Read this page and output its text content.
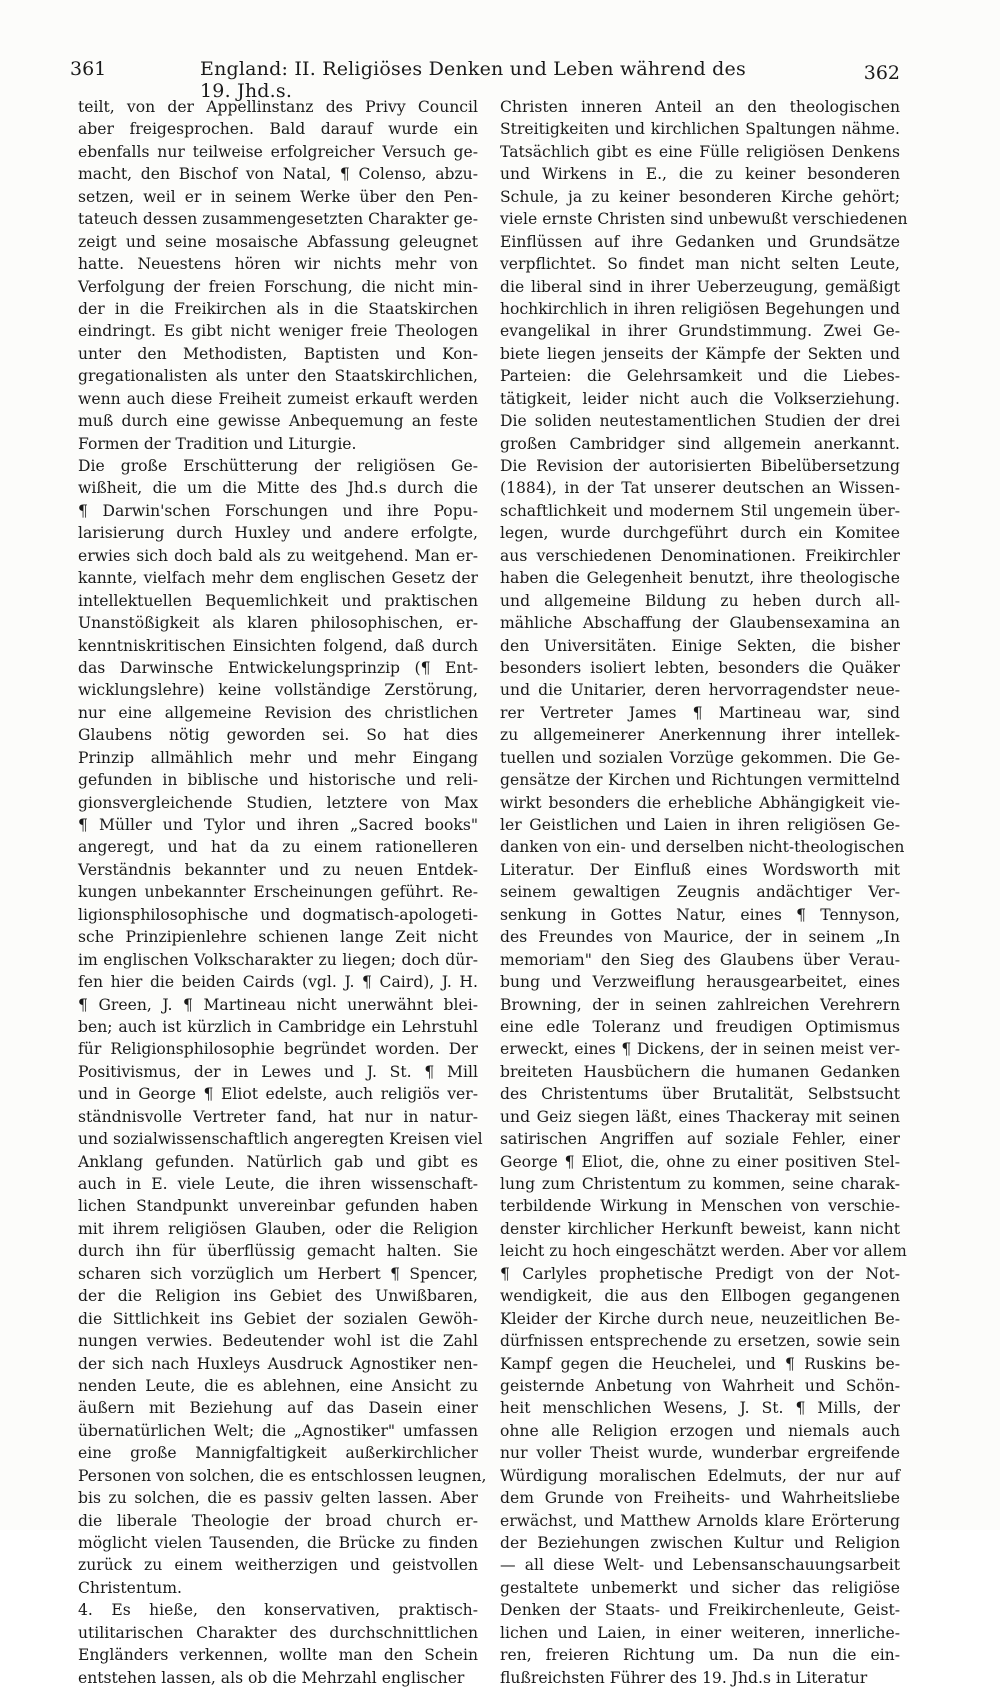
361	England: II. Religiöses Denken und Leben während des 19. Jhd.s.
362
teilt, von der Appellinstanz des Privy Council
aber freigesprochen. Bald darauf wurde ein
ebenfalls nur teilweise erfolgreicher Versuch ge-
macht, den Bischof von Natal, ¶ Colenso, abzu-
setzen, weil er in seinem Werke über den Pen-
tateuch dessen zusammengesetzten Charakter ge-
zeigt und seine mosaische Abfassung geleugnet
hatte. Neuestens hören wir nichts mehr von
Verfolgung der freien Forschung, die nicht min-
der in die Freikirchen als in die Staatskirchen
eindringt. Es gibt nicht weniger freie Theologen
unter den Methodisten, Baptisten und Kon-
gregationalisten als unter den Staatskirchlichen,
wenn auch diese Freiheit zumeist erkauft werden
muß durch eine gewisse Anbequemung an feste
Formen der Tradition und Liturgie.
Die große Erschütterung der religiösen Ge-
wißheit, die um die Mitte des Jhd.s durch die
¶ Darwin'schen Forschungen und ihre Popu-
larisierung durch Huxley und andere erfolgte,
erwies sich doch bald als zu weitgehend. Man er-
kannte, vielfach mehr dem englischen Gesetz der
intellektuellen Bequemlichkeit und praktischen
Unanstößigkeit als klaren philosophischen, er-
kenntniskritischen Einsichten folgend, daß durch
das Darwinsche Entwickelungsprinzip (¶ Ent-
wicklungslehre) keine vollständige Zerstörung,
nur eine allgemeine Revision des christlichen
Glaubens nötig geworden sei. So hat dies
Prinzip allmählich mehr und mehr Eingang
gefunden in biblische und historische und reli-
gionsvergleichende Studien, letztere von Max
¶ Müller und Tylor und ihren „Sacred books"
angeregt, und hat da zu einem rationelleren
Verständnis bekannter und zu neuen Entdek-
kungen unbekannter Erscheinungen geführt. Re-
ligionsphilosophische und dogmatisch-apologeti-
sche Prinzipienlehre schienen lange Zeit nicht
im englischen Volkscharakter zu liegen; doch dür-
fen hier die beiden Cairds (vgl. J. ¶ Caird), J. H.
¶ Green, J. ¶ Martineau nicht unerwähnt blei-
ben; auch ist kürzlich in Cambridge ein Lehrstuhl
für Religionsphilosophie begründet worden. Der
Positivismus, der in Lewes und J. St. ¶ Mill
und in George ¶ Eliot edelste, auch religiös ver-
ständnisvolle Vertreter fand, hat nur in natur-
und sozialwissenschaftlich angeregten Kreisen viel
Anklang gefunden. Natürlich gab und gibt es
auch in E. viele Leute, die ihren wissenschaft-
lichen Standpunkt unvereinbar gefunden haben
mit ihrem religiösen Glauben, oder die Religion
durch ihn für überflüssig gemacht halten. Sie
scharen sich vorzüglich um Herbert ¶ Spencer,
der die Religion ins Gebiet des Unwißbaren,
die Sittlichkeit ins Gebiet der sozialen Gewöh-
nungen verwies. Bedeutender wohl ist die Zahl
der sich nach Huxleys Ausdruck Agnostiker nen-
nenden Leute, die es ablehnen, eine Ansicht zu
äußern mit Beziehung auf das Dasein einer
übernatürlichen Welt; die „Agnostiker" umfassen
eine große Mannigfaltigkeit außerkirchlicher
Personen von solchen, die es entschlossen leugnen,
bis zu solchen, die es passiv gelten lassen. Aber
die liberale Theologie der broad church er-
möglicht vielen Tausenden, die Brücke zu finden
zurück zu einem weitherzigen und geistvollen
Christentum.
4. Es hieße, den konservativen, praktisch-
utilitarischen Charakter des durchschnittlichen
Engländers verkennen, wollte man den Schein
entstehen lassen, als ob die Mehrzahl englischer
Christen inneren Anteil an den theologischen
Streitigkeiten und kirchlichen Spaltungen nähme.
Tatsächlich gibt es eine Fülle religiösen Denkens
und Wirkens in E., die zu keiner besonderen
Schule, ja zu keiner besonderen Kirche gehört;
viele ernste Christen sind unbewußt verschiedenen
Einflüssen auf ihre Gedanken und Grundsätze
verpflichtet. So findet man nicht selten Leute,
die liberal sind in ihrer Ueberzeugung, gemäßigt
hochkirchlich in ihren religiösen Begehungen und
evangelikal in ihrer Grundstimmung. Zwei Ge-
biete liegen jenseits der Kämpfe der Sekten und
Parteien: die Gelehrsamkeit und die Liebes-
tätigkeit, leider nicht auch die Volkserziehung.
Die soliden neutestamentlichen Studien der drei
großen Cambridger sind allgemein anerkannt.
Die Revision der autorisierten Bibelübersetzung
(1884), in der Tat unserer deutschen an Wissen-
schaftlichkeit und modernem Stil ungemein über-
legen, wurde durchgeführt durch ein Komitee
aus verschiedenen Denominationen. Freikirchler
haben die Gelegenheit benutzt, ihre theologische
und allgemeine Bildung zu heben durch all-
mähliche Abschaffung der Glaubensexamina an
den Universitäten. Einige Sekten, die bisher
besonders isoliert lebten, besonders die Quäker
und die Unitarier, deren hervorragendster neue-
rer Vertreter James ¶ Martineau war, sind
zu allgemeinerer Anerkennung ihrer intellek-
tuellen und sozialen Vorzüge gekommen. Die Ge-
gensätze der Kirchen und Richtungen vermittelnd
wirkt besonders die erhebliche Abhängigkeit vie-
ler Geistlichen und Laien in ihren religiösen Ge-
danken von ein- und derselben nicht-theologischen
Literatur. Der Einfluß eines Wordsworth mit
seinem gewaltigen Zeugnis andächtiger Ver-
senkung in Gottes Natur, eines ¶ Tennyson,
des Freundes von Maurice, der in seinem „In
memoriam" den Sieg des Glaubens über Verau-
bung und Verzweiflung herausgearbeitet, eines
Browning, der in seinen zahlreichen Verehrern
eine edle Toleranz und freudigen Optimismus
erweckt, eines ¶ Dickens, der in seinen meist ver-
breiteten Hausbüchern die humanen Gedanken
des Christentums über Brutalität, Selbstsucht
und Geiz siegen läßt, eines Thackeray mit seinen
satirischen Angriffen auf soziale Fehler, einer
George ¶ Eliot, die, ohne zu einer positiven Stel-
lung zum Christentum zu kommen, seine charak-
terbildende Wirkung in Menschen von verschie-
denster kirchlicher Herkunft beweist, kann nicht
leicht zu hoch eingeschätzt werden. Aber vor allem
¶ Carlyles prophetische Predigt von der Not-
wendigkeit, die aus den Ellbogen gegangenen
Kleider der Kirche durch neue, neuzeitlichen Be-
dürfnissen entsprechende zu ersetzen, sowie sein
Kampf gegen die Heuchelei, und ¶ Ruskins be-
geisternde Anbetung von Wahrheit und Schön-
heit menschlichen Wesens, J. St. ¶ Mills, der
ohne alle Religion erzogen und niemals auch
nur voller Theist wurde, wunderbar ergreifende
Würdigung moralischen Edelmuts, der nur auf
dem Grunde von Freiheits- und Wahrheitsliebe
erwächst, und Matthew Arnolds klare Erörterung
der Beziehungen zwischen Kultur und Religion
— all diese Welt- und Lebensanschauungsarbeit
gestaltete unbemerkt und sicher das religiöse
Denken der Staats- und Freikirchenleute, Geist-
lichen und Laien, in einer weiteren, innerliche-
ren, freieren Richtung um. Da nun die ein-
flußreichsten Führer des 19. Jhd.s in Literatur
